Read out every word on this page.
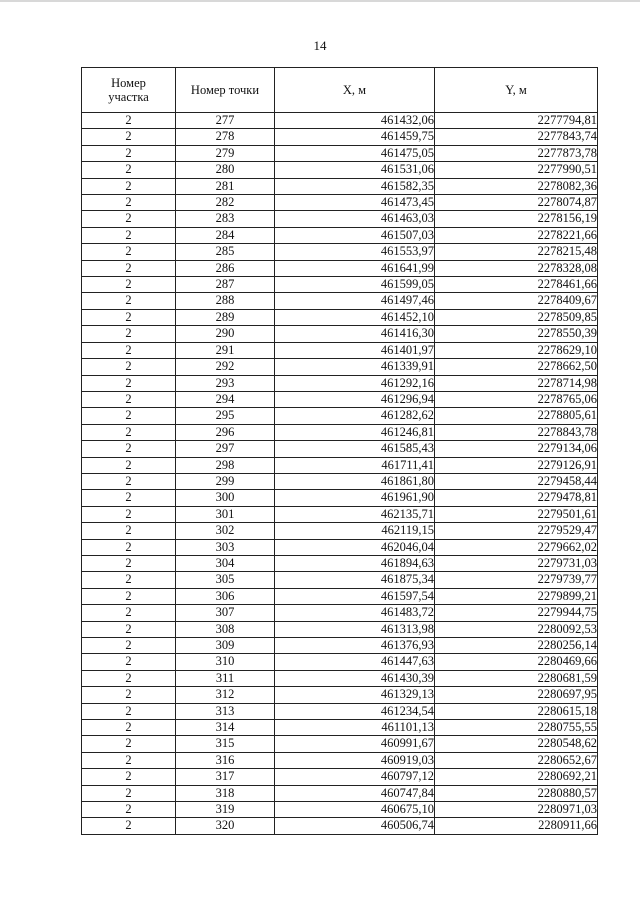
14
Номер
участка	Номер точки	X, м	Y, м
2	277	461432,06	2277794,81
2	278	461459,75	2277843,74
2	279	461475,05	2277873,78
2	280	461531,06	2277990,51
2	281	461582,35	2278082,36
2	282	461473,45	2278074,87
2	283	461463,03	2278156,19
2	284	461507,03	2278221,66
2	285	461553,97	2278215,48
2	286	461641,99	2278328,08
2	287	461599,05	2278461,66
2	288	461497,46	2278409,67
2	289	461452,10	2278509,85
2	290	461416,30	2278550,39
2	291	461401,97	2278629,10
2	292	461339,91	2278662,50
2	293	461292,16	2278714,98
2	294	461296,94	2278765,06
2	295	461282,62	2278805,61
2	296	461246,81	2278843,78
2	297	461585,43	2279134,06
2	298	461711,41	2279126,91
2	299	461861,80	2279458,44
2	300	461961,90	2279478,81
2	301	462135,71	2279501,61
2	302	462119,15	2279529,47
2	303	462046,04	2279662,02
2	304	461894,63	2279731,03
2	305	461875,34	2279739,77
2	306	461597,54	2279899,21
2	307	461483,72	2279944,75
2	308	461313,98	2280092,53
2	309	461376,93	2280256,14
2	310	461447,63	2280469,66
2	311	461430,39	2280681,59
2	312	461329,13	2280697,95
2	313	461234,54	2280615,18
2	314	461101,13	2280755,55
2	315	460991,67	2280548,62
2	316	460919,03	2280652,67
2	317	460797,12	2280692,21
2	318	460747,84	2280880,57
2	319	460675,10	2280971,03
2	320	460506,74	2280911,66
